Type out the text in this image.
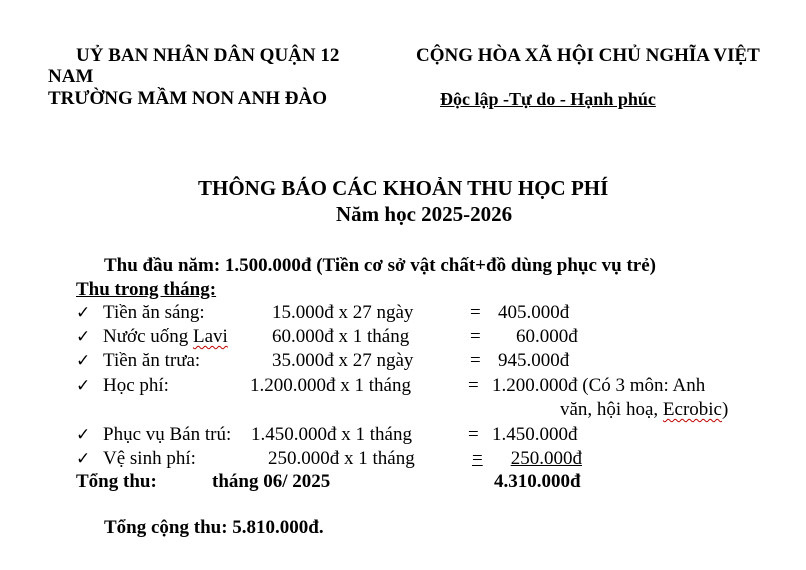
UỶ BAN NHÂN DÂN QUẬN 12
NAM
TRƯỜNG MẦM NON ANH ĐÀO
CỘNG HÒA XÃ HỘI CHỦ NGHĨA VIỆT
Độc lập -Tự do - Hạnh phúc
THÔNG BÁO CÁC KHOẢN THU HỌC PHÍ
Năm học 2025-2026
Thu đầu năm: 1.500.000đ (Tiền cơ sở vật chất+đồ dùng phục vụ trẻ)
Thu trong tháng:
✓ Tiền ăn sáng:	15.000đ x 27 ngày	= 405.000đ
✓ Nước uống Lavi 60.000đ x 1 tháng	= 60.000đ
✓ Tiền ăn trưa:	35.000đ x 27 ngày	= 945.000đ
✓ Học phí:	1.200.000đ x 1 tháng	= 1.200.000đ (Có 3 môn: Anh
văn, hội hoạ, Ecrobic)
✓ Phục vụ Bán trú: 1.450.000đ x 1 tháng	= 1.450.000đ
✓ Vệ sinh phí:	250.000đ x 1 tháng	= 250.000đ
Tổng thu:	tháng 06/ 2025	4.310.000đ
Tổng cộng thu: 5.810.000đ.
